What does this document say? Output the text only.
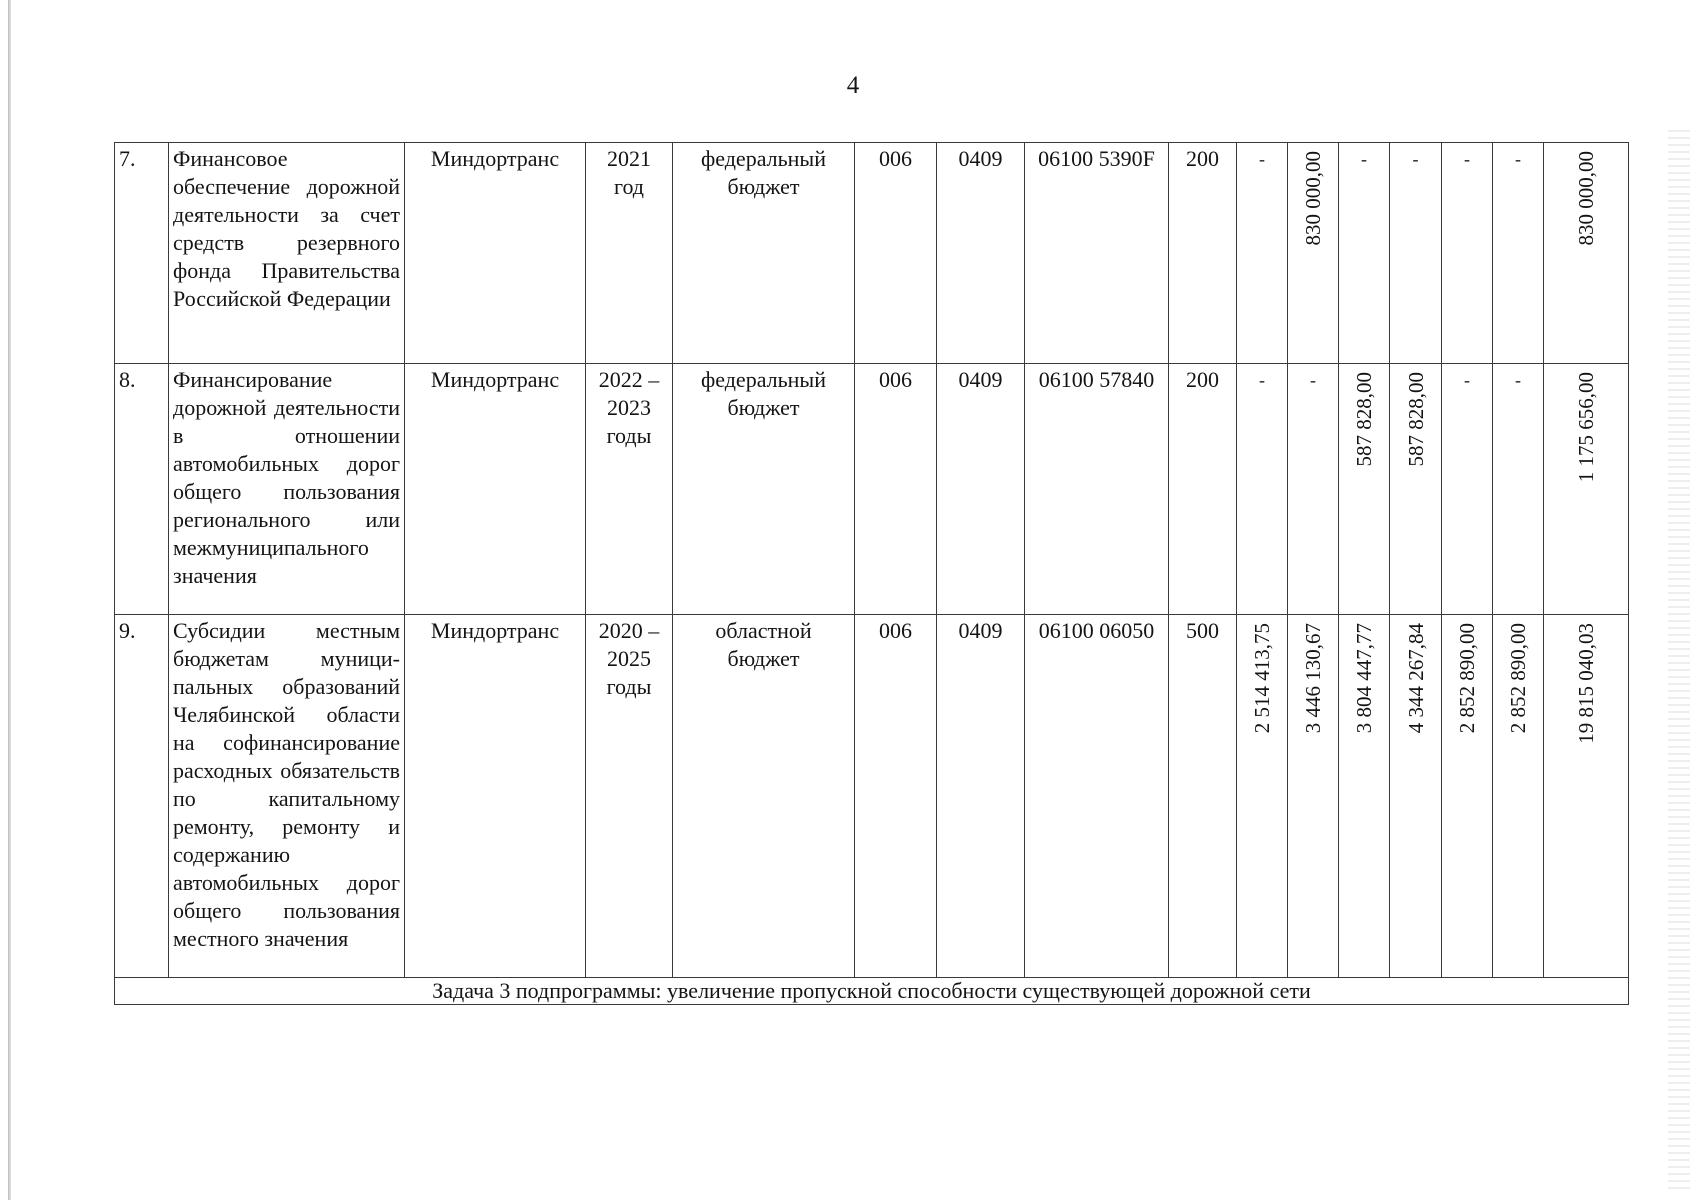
4
7.	Финансовое обеспечение дорожной деятельности за счет средств резервного фонда Правительства Российской Федерации	Миндортранс	2021 год	федеральный бюджет	006	0409	06100 5390F	200	-	830 000,00	-	-	-	-	830 000,00

8.	Финансирование дорожной деятельности в отношении автомобильных дорог общего пользования регионального или межмуниципального значения	Миндортранс	2022 – 2023 годы	федеральный бюджет	006	0409	06100 57840	200	-	-	587 828,00	587 828,00	-	-	1 175 656,00

9.	Субсидии местным бюджетам муници-пальных образований Челябинской области на софинансирование расходных обязательств по капитальному ремонту, ремонту и содержанию автомобильных дорог общего пользования местного значения	Миндортранс	2020 – 2025 годы	областной бюджет	006	0409	06100 06050	500	2 514 413,75	3 446 130,67	3 804 447,77	4 344 267,84	2 852 890,00	2 852 890,00	19 815 040,03

Задача 3 подпрограммы: увеличение пропускной способности существующей дорожной сети															
